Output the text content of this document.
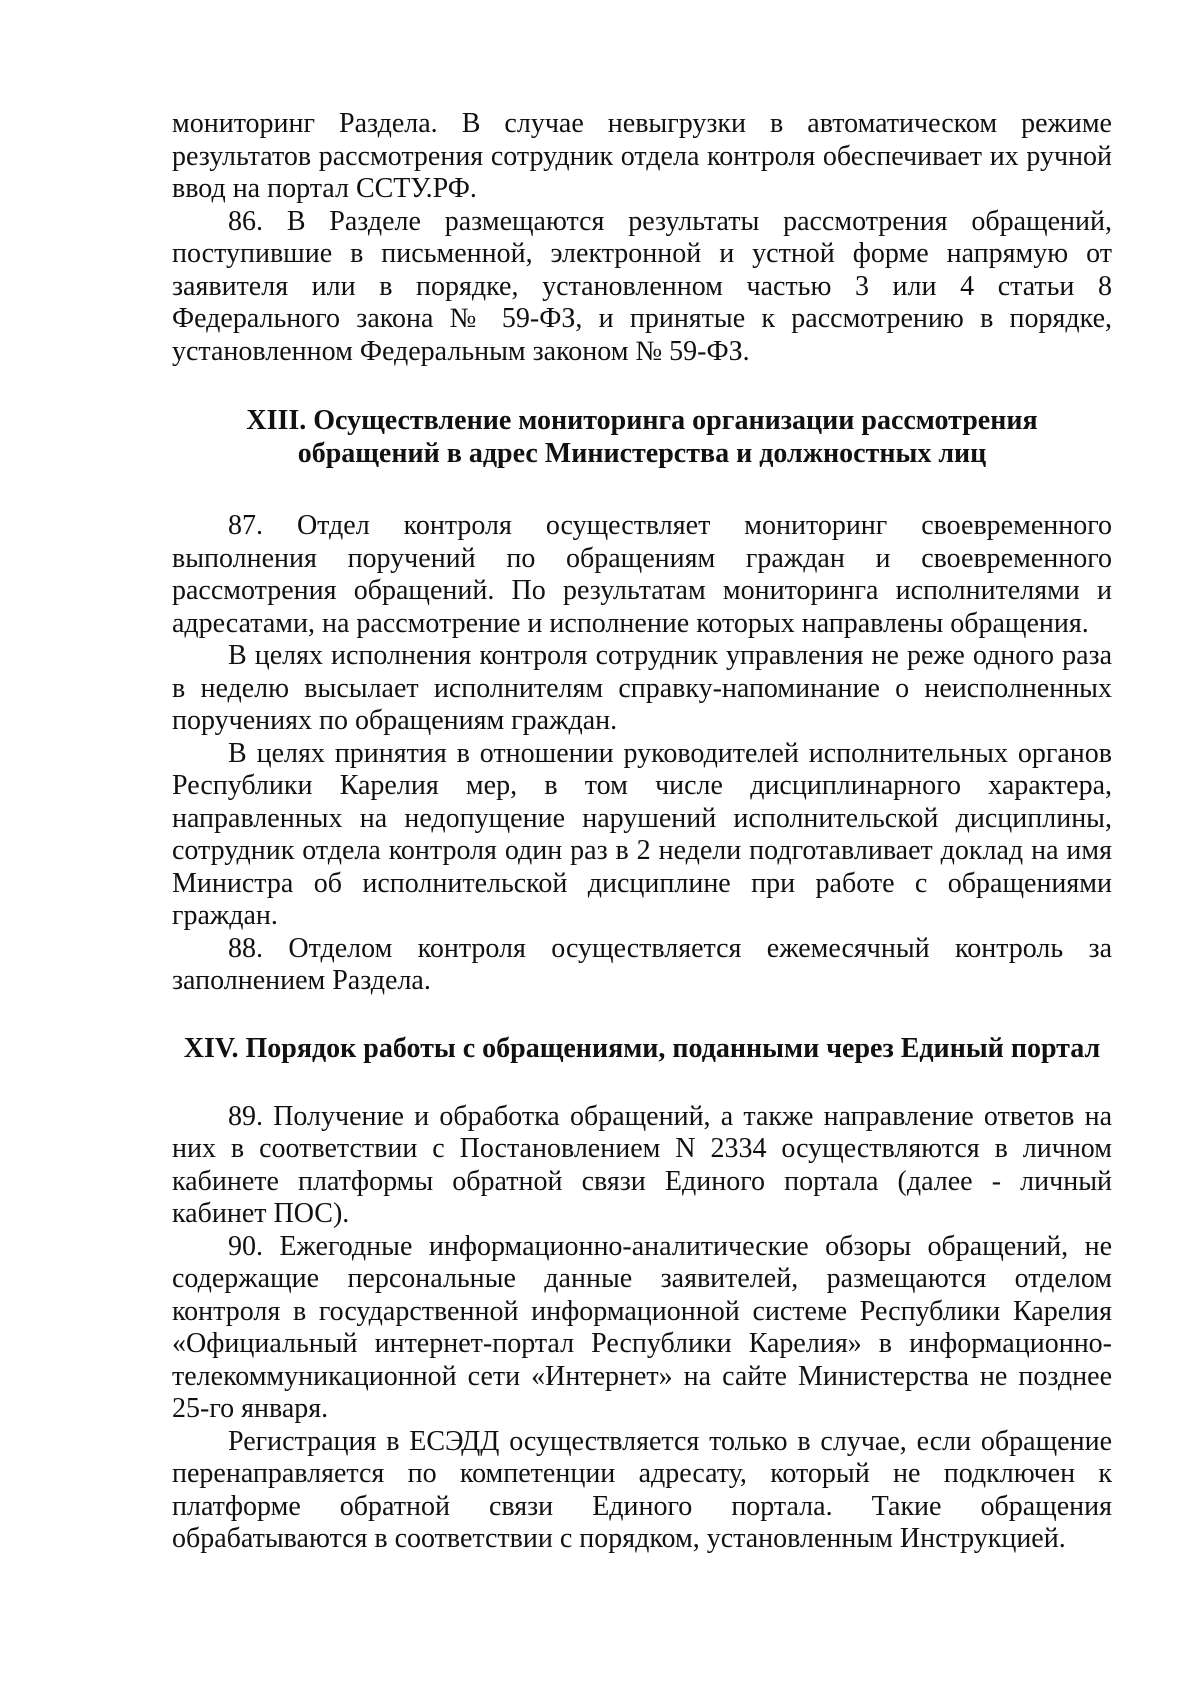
мониторинг Раздела. В случае невыгрузки в автоматическом режиме результатов рассмотрения сотрудник отдела контроля обеспечивает их ручной ввод на портал ССТУ.РФ.

86. В Разделе размещаются результаты рассмотрения обращений, поступившие в письменной, электронной и устной форме напрямую от заявителя или в порядке, установленном частью 3 или 4 статьи 8 Федерального закона № 59-ФЗ, и принятые к рассмотрению в порядке, установленном Федеральным законом № 59-ФЗ.

XIII. Осуществление мониторинга организации рассмотрения
обращений в адрес Министерства и должностных лиц

87. Отдел контроля осуществляет мониторинг своевременного выполнения поручений по обращениям граждан и своевременного рассмотрения обращений. По результатам мониторинга исполнителями и адресатами, на рассмотрение и исполнение которых направлены обращения.

В целях исполнения контроля сотрудник управления не реже одного раза в неделю высылает исполнителям справку-напоминание о неисполненных поручениях по обращениям граждан.

В целях принятия в отношении руководителей исполнительных органов Республики Карелия мер, в том числе дисциплинарного характера, направленных на недопущение нарушений исполнительской дисциплины, сотрудник отдела контроля один раз в 2 недели подготавливает доклад на имя Министра об исполнительской дисциплине при работе с обращениями граждан.

88. Отделом контроля осуществляется ежемесячный контроль за заполнением Раздела.

XIV. Порядок работы с обращениями, поданными через Единый портал

89. Получение и обработка обращений, а также направление ответов на них в соответствии с Постановлением N 2334 осуществляются в личном кабинете платформы обратной связи Единого портала (далее - личный кабинет ПОС).

90. Ежегодные информационно-аналитические обзоры обращений, не содержащие персональные данные заявителей, размещаются отделом контроля в государственной информационной системе Республики Карелия «Официальный интернет-портал Республики Карелия» в информационно-телекоммуникационной сети «Интернет» на сайте Министерства не позднее 25-го января.

Регистрация в ЕСЭДД осуществляется только в случае, если обращение перенаправляется по компетенции адресату, который не подключен к платформе обратной связи Единого портала. Такие обращения обрабатываются в соответствии с порядком, установленным Инструкцией.
